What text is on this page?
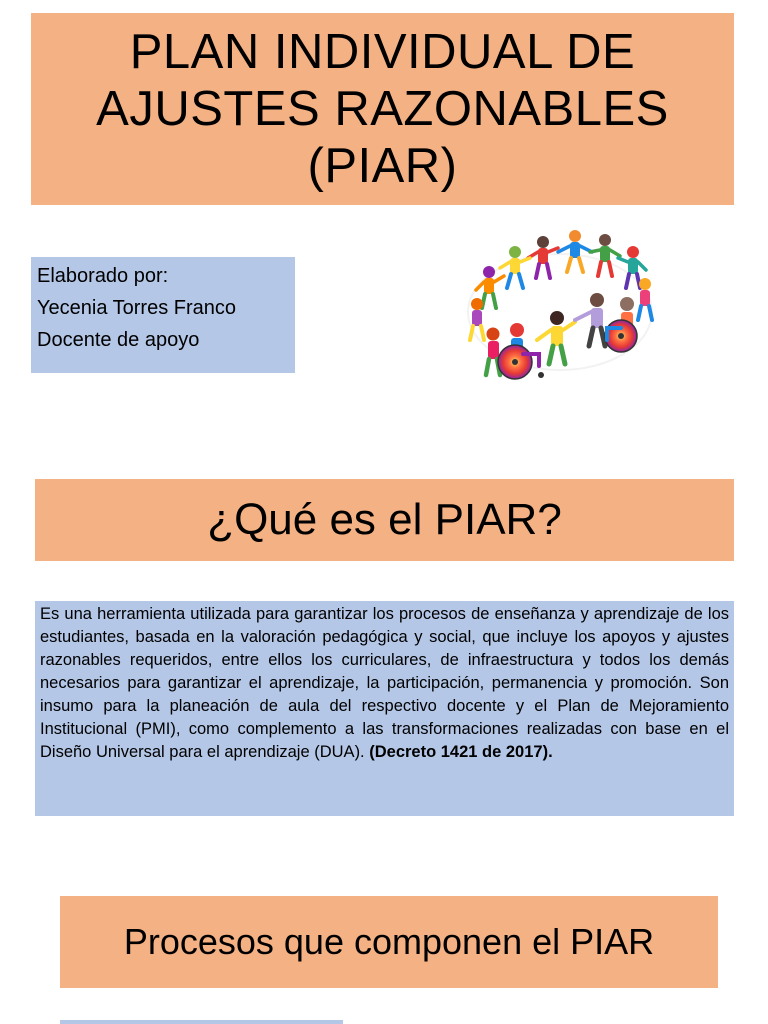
PLAN INDIVIDUAL DE
AJUSTES RAZONABLES
(PIAR)
Elaborado por:
Yecenia Torres Franco
Docente de apoyo
¿Qué es el PIAR?

Es una herramienta utilizada para garantizar los procesos de enseñanza y aprendizaje de los estudiantes, basada en la valoración pedagógica y social, que incluye los apoyos y ajustes razonables requeridos, entre ellos los curriculares, de infraestructura y todos los demás necesarios para garantizar el aprendizaje, la participación, permanencia y promoción. Son insumo para la planeación de aula del respectivo docente y el Plan de Mejoramiento Institucional (PMI), como complemento a las transformaciones realizadas con base en el Diseño Universal para el aprendizaje (DUA). (Decreto 1421 de 2017).

Procesos que componen el PIAR
